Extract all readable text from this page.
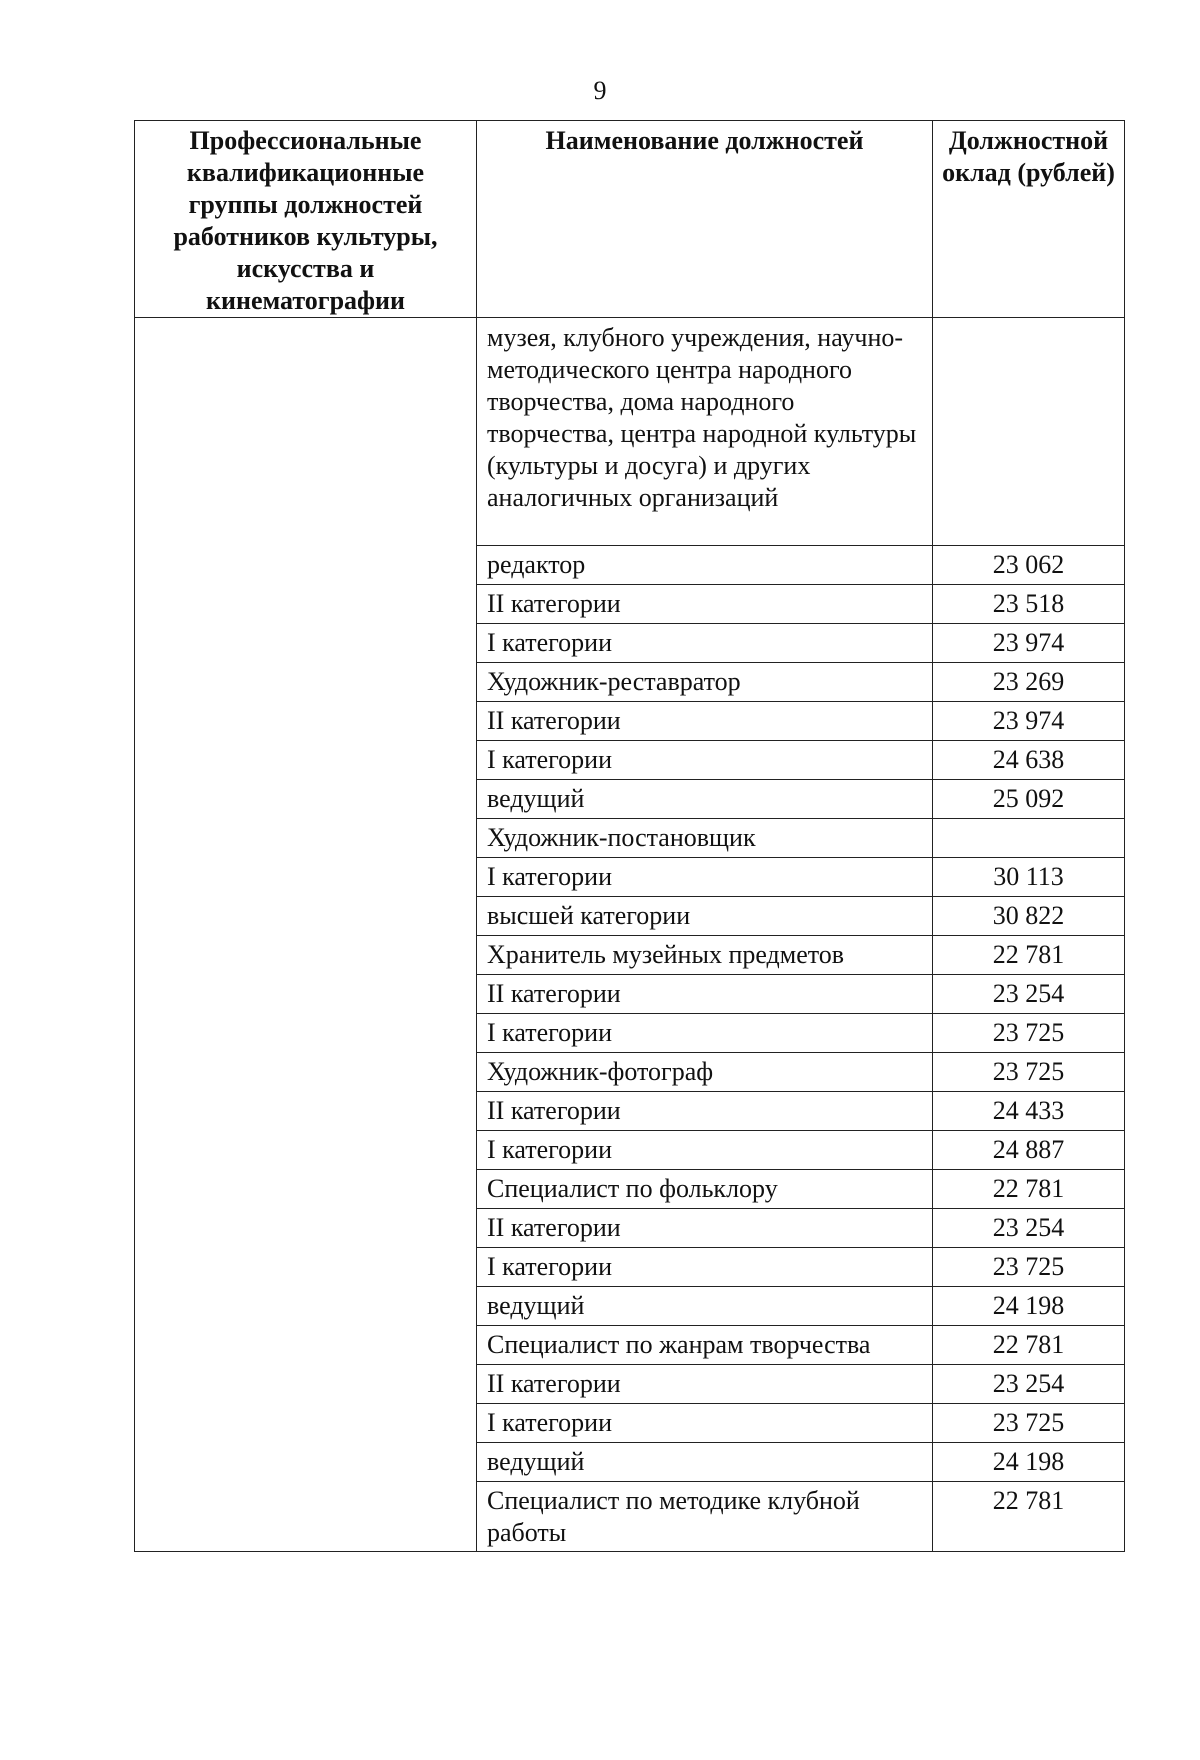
9
Профессиональные квалификационные группы должностей работников культуры, искусства и кинематографии	Наименование должностей	Должностной оклад (рублей)
	музея, клубного учреждения, научно-методического центра народного творчества, дома народного творчества, центра народной культуры (культуры и досуга) и других аналогичных организаций	
	редактор	23 062
	II категории	23 518
	I категории	23 974
	Художник-реставратор	23 269
	II категории	23 974
	I категории	24 638
	ведущий	25 092
	Художник-постановщик	
	I категории	30 113
	высшей категории	30 822
	Хранитель музейных предметов	22 781
	II категории	23 254
	I категории	23 725
	Художник-фотограф	23 725
	II категории	24 433
	I категории	24 887
	Специалист по фольклору	22 781
	II категории	23 254
	I категории	23 725
	ведущий	24 198
	Специалист по жанрам творчества	22 781
	II категории	23 254
	I категории	23 725
	ведущий	24 198
	Специалист по методике клубной работы	22 781
